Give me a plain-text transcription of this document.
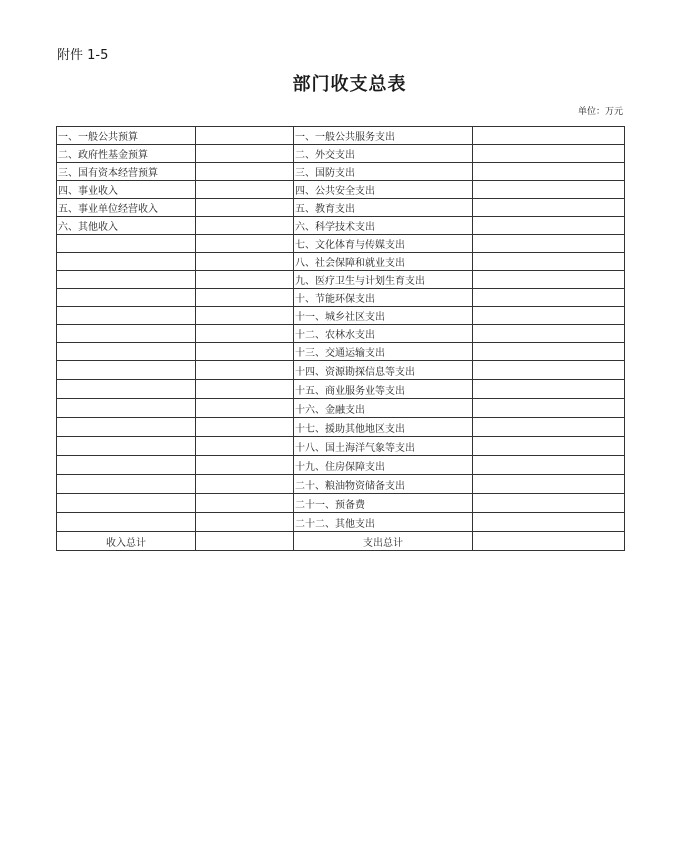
附件 1-5
部门收支总表
单位：万元
一、一般公共预算		一、一般公共服务支出	
二、政府性基金预算		二、外交支出	
三、国有资本经营预算		三、国防支出	
四、事业收入		四、公共安全支出	
五、事业单位经营收入		五、教育支出	
六、其他收入		六、科学技术支出	
		七、文化体育与传媒支出	
		八、社会保障和就业支出	
		九、医疗卫生与计划生育支出	
		十、节能环保支出	
		十一、城乡社区支出	
		十二、农林水支出	
		十三、交通运输支出	
		十四、资源勘探信息等支出	
		十五、商业服务业等支出	
		十六、金融支出	
		十七、援助其他地区支出	
		十八、国土海洋气象等支出	
		十九、住房保障支出	
		二十、粮油物资储备支出	
		二十一、预备费	
		二十二、其他支出	
收入总计		支出总计	
